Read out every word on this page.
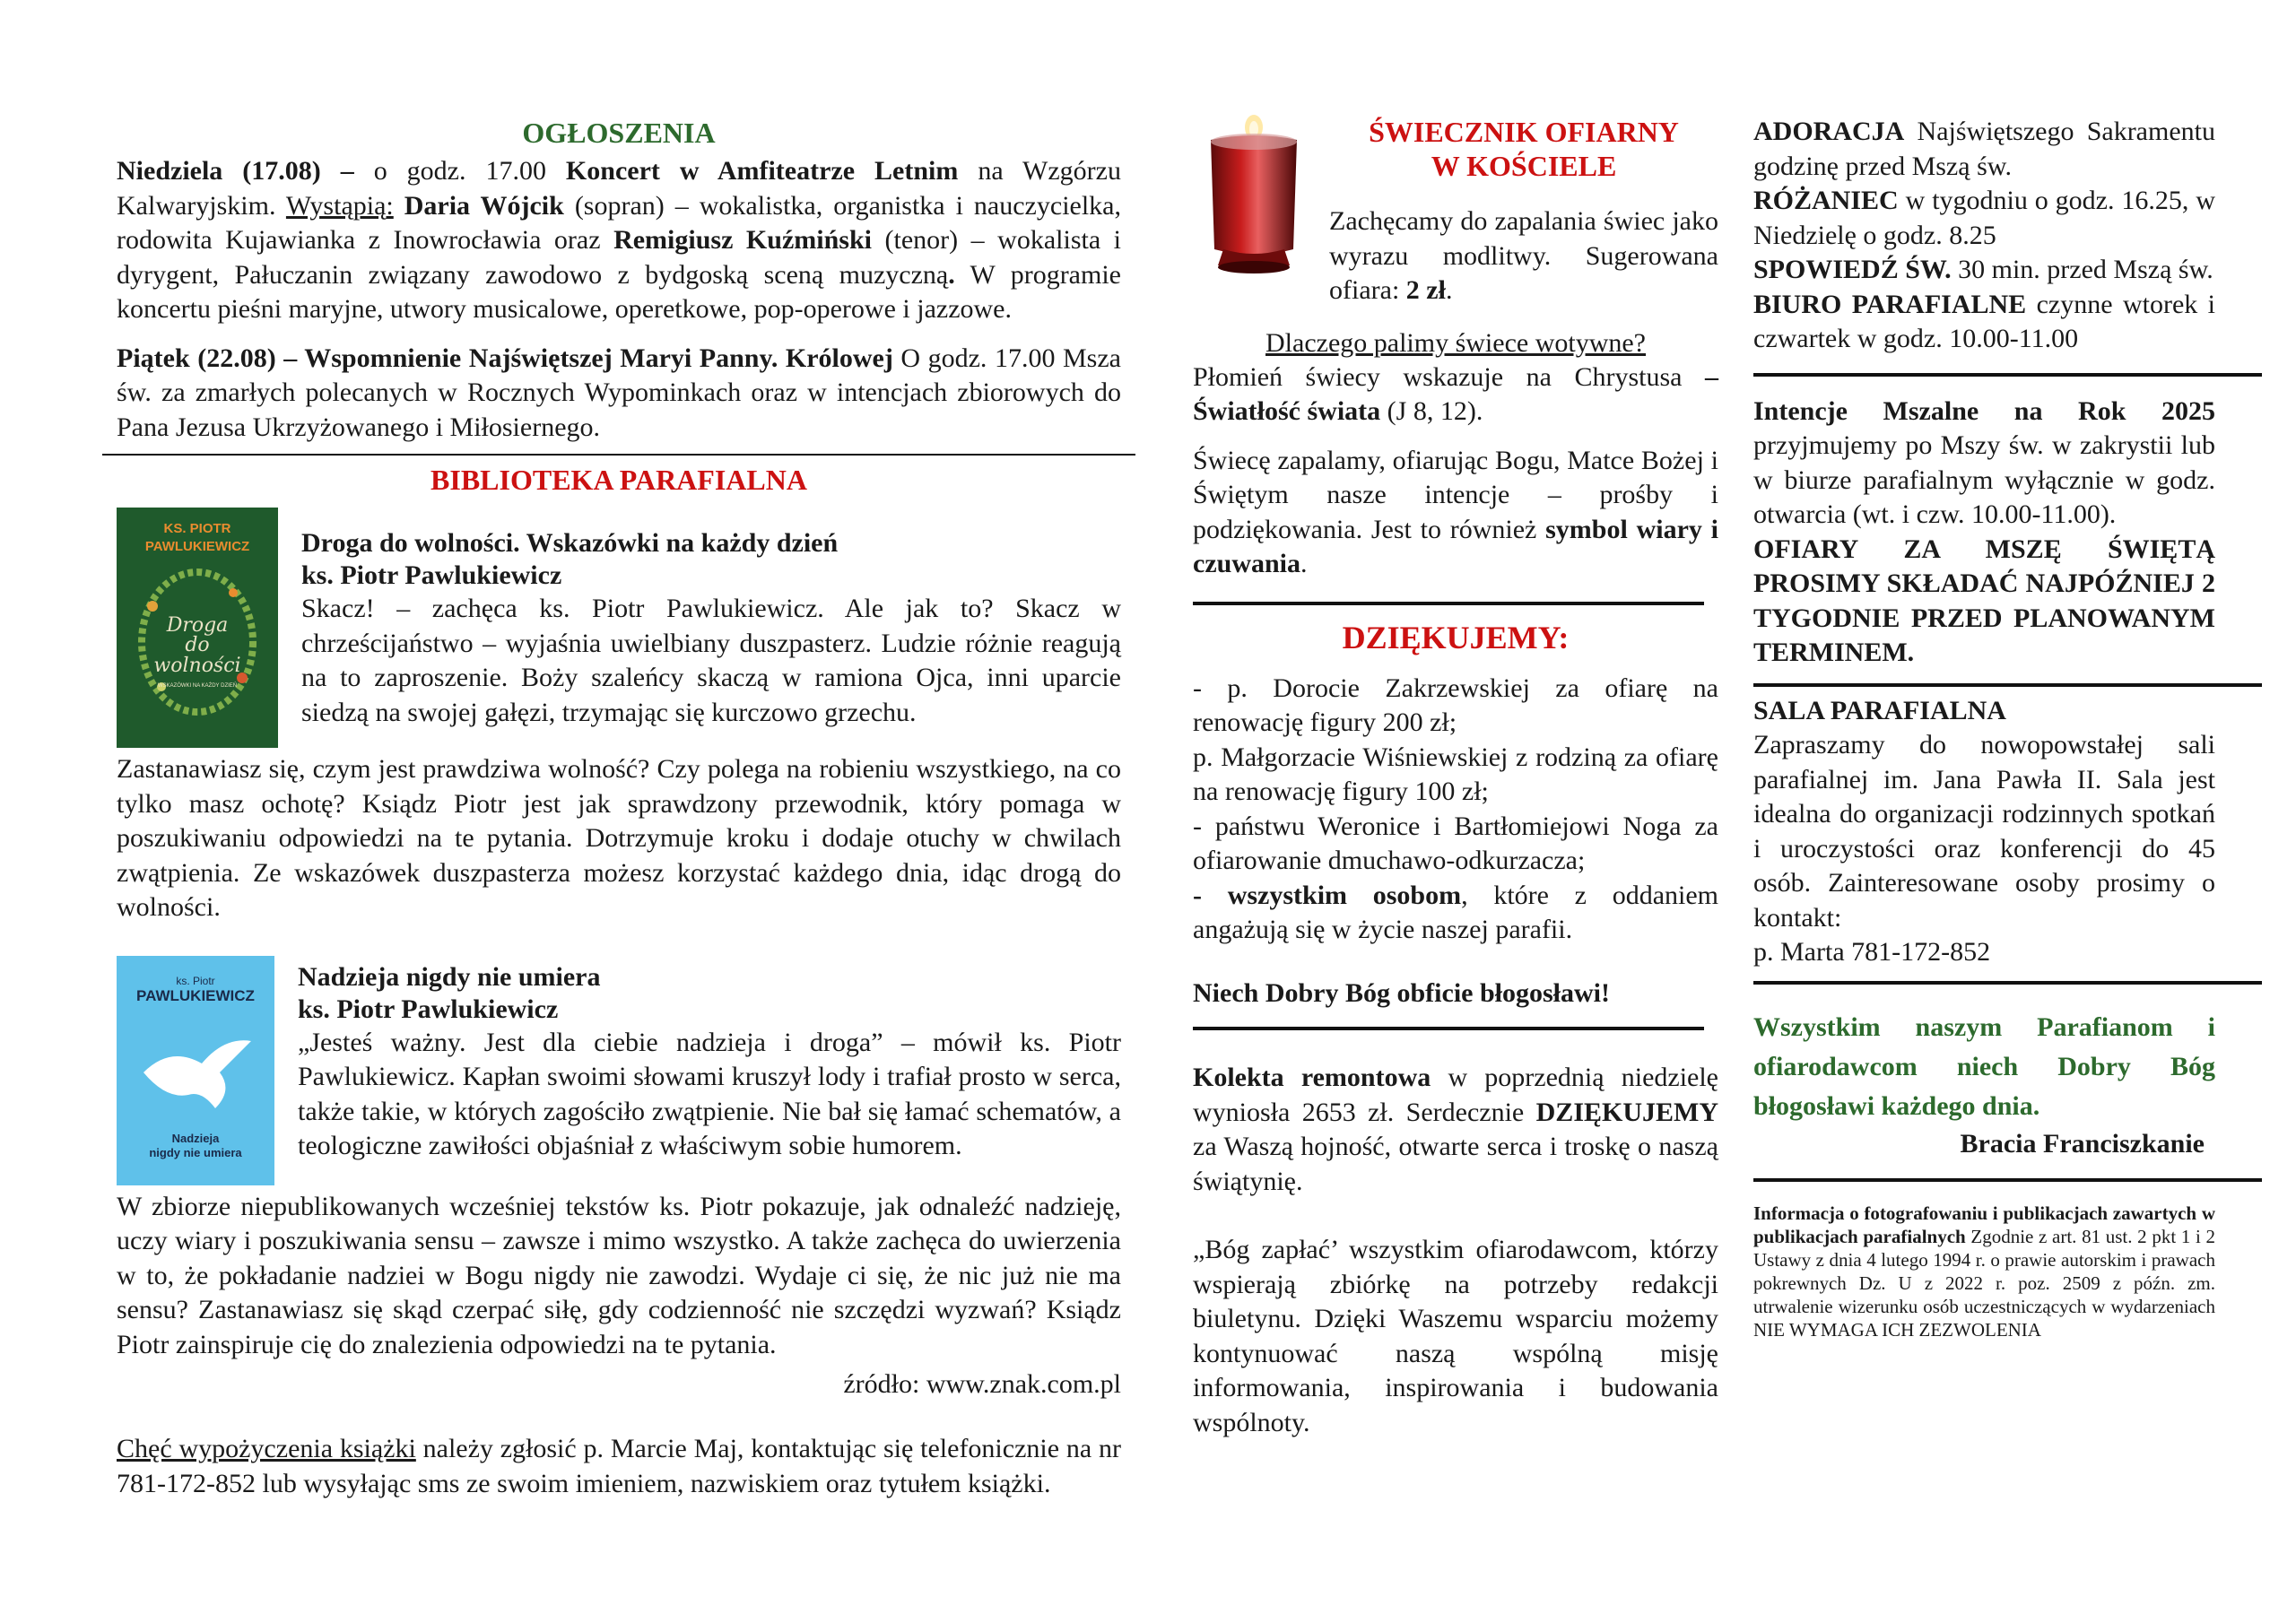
OGŁOSZENIA

Niedziela (17.08) – o godz. 17.00 Koncert w Amfiteatrze Letnim na Wzgórzu Kalwaryjskim. Wystąpią: Daria Wójcik (sopran) – wokalistka, organistka i nauczycielka, rodowita Kujawianka z Inowrocławia oraz Remigiusz Kuźmiński (tenor) – wokalista i dyrygent, Pałuczanin związany zawodowo z bydgoską sceną muzyczną. W programie koncertu pieśni maryjne, utwory musicalowe, operetkowe, pop-operowe i jazzowe.

Piątek (22.08) – Wspomnienie Najświętszej Maryi Panny. Królowej O godz. 17.00 Msza św. za zmarłych polecanych w Rocznych Wypominkach oraz w intencjach zbiorowych do Pana Jezusa Ukrzyżowanego i Miłosiernego.

BIBLIOTEKA PARAFIALNA
KS. PIOTR
PAWLUKIEWICZ
Droga
do
wolności
WSKAZÓWKI NA KAŻDY DZIEŃ
Droga do wolności. Wskazówki na każdy dzień
ks. Piotr Pawlukiewicz

Skacz! – zachęca ks. Piotr Pawlukiewicz. Ale jak to? Skacz w chrześcijaństwo – wyjaśnia uwielbiany duszpasterz. Ludzie różnie reagują na to zaproszenie. Boży szaleńcy skaczą w ramiona Ojca, inni uparcie siedzą na swojej gałęzi, trzymając się kurczowo grzechu.

Zastanawiasz się, czym jest prawdziwa wolność? Czy polega na robieniu wszystkiego, na co tylko masz ochotę? Ksiądz Piotr jest jak sprawdzony przewodnik, który pomaga w poszukiwaniu odpowiedzi na te pytania. Dotrzymuje kroku i dodaje otuchy w chwilach zwątpienia. Ze wskazówek duszpasterza możesz korzystać każdego dnia, idąc drogą do wolności.

ks. Piotr
PAWLUKIEWICZ
Nadzieja
nigdy nie umiera
Nadzieja nigdy nie umiera
ks. Piotr Pawlukiewicz

„Jesteś ważny. Jest dla ciebie nadzieja i droga” – mówił ks. Piotr Pawlukiewicz. Kapłan swoimi słowami kruszył lody i trafiał prosto w serca, także takie, w których zagościło zwątpienie. Nie bał się łamać schematów, a teologiczne zawiłości objaśniał z właściwym sobie humorem.

W zbiorze niepublikowanych wcześniej tekstów ks. Piotr pokazuje, jak odnaleźć nadzieję, uczy wiary i poszukiwania sensu – zawsze i mimo wszystko. A także zachęca do uwierzenia w to, że pokładanie nadziei w Bogu nigdy nie zawodzi. Wydaje ci się, że nic już nie ma sensu? Zastanawiasz się skąd czerpać siłę, gdy codzienność nie szczędzi wyzwań? Ksiądz Piotr zainspiruje cię do znalezienia odpowiedzi na te pytania.

źródło: www.znak.com.pl

Chęć wypożyczenia książki należy zgłosić p. Marcie Maj, kontaktując się telefonicznie na nr 781-172-852 lub wysyłając sms ze swoim imieniem, nazwiskiem oraz tytułem książki.

ŚWIECZNIK OFIARNY
W KOŚCIELE

Zachęcamy do zapalania świec jako wyrazu modlitwy. Sugerowana ofiara: 2 zł.

Dlaczego palimy świece wotywne?

Płomień świecy wskazuje na Chrystusa – Światłość świata (J 8, 12).

Świecę zapalamy, ofiarując Bogu, Matce Bożej i Świętym nasze intencje – prośby i podziękowania. Jest to również symbol wiary i czuwania.

DZIĘKUJEMY:

- p. Dorocie Zakrzewskiej za ofiarę na renowację figury 200 zł;

p. Małgorzacie Wiśniewskiej z rodziną za ofiarę na renowację figury 100 zł;

- państwu Weronice i Bartłomiejowi Noga za ofiarowanie dmuchawo-odkurzacza;

- wszystkim osobom, które z oddaniem angażują się w życie naszej parafii.

Niech Dobry Bóg obficie błogosławi!

Kolekta remontowa w poprzednią niedzielę wyniosła 2653 zł. Serdecznie DZIĘKUJEMY za Waszą hojność, otwarte serca i troskę o naszą świątynię.

„Bóg zapłać’ wszystkim ofiarodawcom, którzy wspierają zbiórkę na potrzeby redakcji biuletynu. Dzięki Waszemu wsparciu możemy kontynuować naszą wspólną misję informowania, inspirowania i budowania wspólnoty.

ADORACJA Najświętszego Sakramentu godzinę przed Mszą św.

RÓŻANIEC w tygodniu o godz. 16.25, w Niedzielę o godz. 8.25

SPOWIEDŹ ŚW. 30 min. przed Mszą św.

BIURO PARAFIALNE czynne wtorek i czwartek w godz. 10.00-11.00

Intencje Mszalne na Rok 2025 przyjmujemy po Mszy św. w zakrystii lub w biurze parafialnym wyłącznie w godz. otwarcia (wt. i czw. 10.00-11.00).

OFIARY ZA MSZĘ ŚWIĘTĄ PROSIMY SKŁADAĆ NAJPÓŹNIEJ 2 TYGODNIE PRZED PLANOWANYM TERMINEM.

SALA PARAFIALNA

Zapraszamy do nowopowstałej sali parafialnej im. Jana Pawła II. Sala jest idealna do organizacji rodzinnych spotkań i uroczystości oraz konferencji do 45 osób. Zainteresowane osoby prosimy o kontakt:

p. Marta 781-172-852

Wszystkim naszym Parafianom i ofiarodawcom niech Dobry Bóg błogosławi każdego dnia.

Bracia Franciszkanie

Informacja o fotografowaniu i publikacjach zawartych w publikacjach parafialnych Zgodnie z art. 81 ust. 2 pkt 1 i 2 Ustawy z dnia 4 lutego 1994 r. o prawie autorskim i prawach pokrewnych Dz. U z 2022 r. poz. 2509 z późn. zm. utrwalenie wizerunku osób uczestniczących w wydarzeniach NIE WYMAGA ICH ZEZWOLENIA
